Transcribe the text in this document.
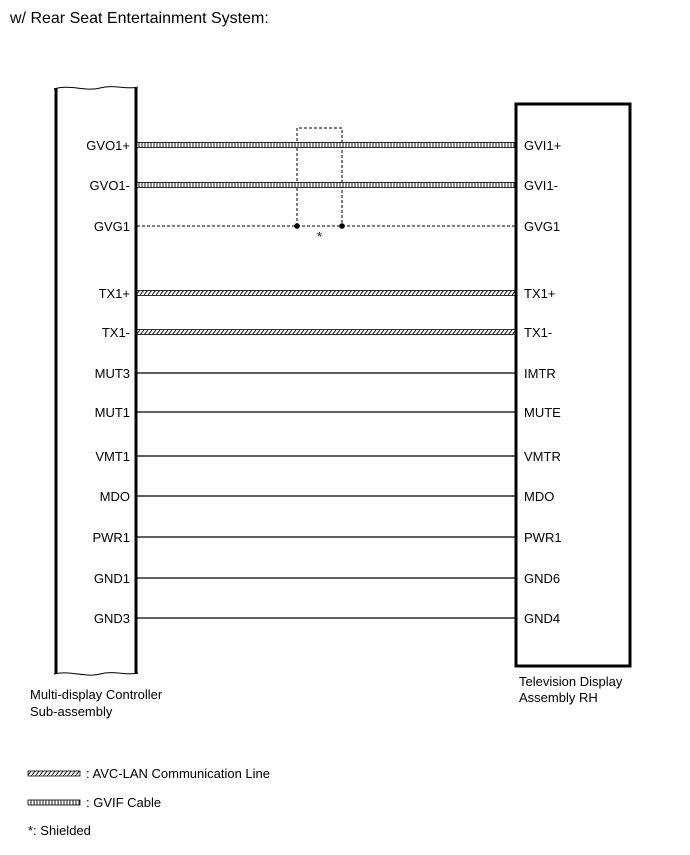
w/ Rear Seat Entertainment System:
GVO1+	GVI1+
GVO1-	GVI1-
GVG1	GVG1
TX1+	TX1+
TX1-	TX1-
MUT3	IMTR
MUT1	MUTE
VMT1	VMTR
MDO	MDO
PWR1	PWR1
GND1	GND6
GND3	GND4
*
Multi-display Controller
Sub-assembly
Television Display
Assembly RH
: AVC-LAN Communication Line
: GVIF Cable
*: Shielded
